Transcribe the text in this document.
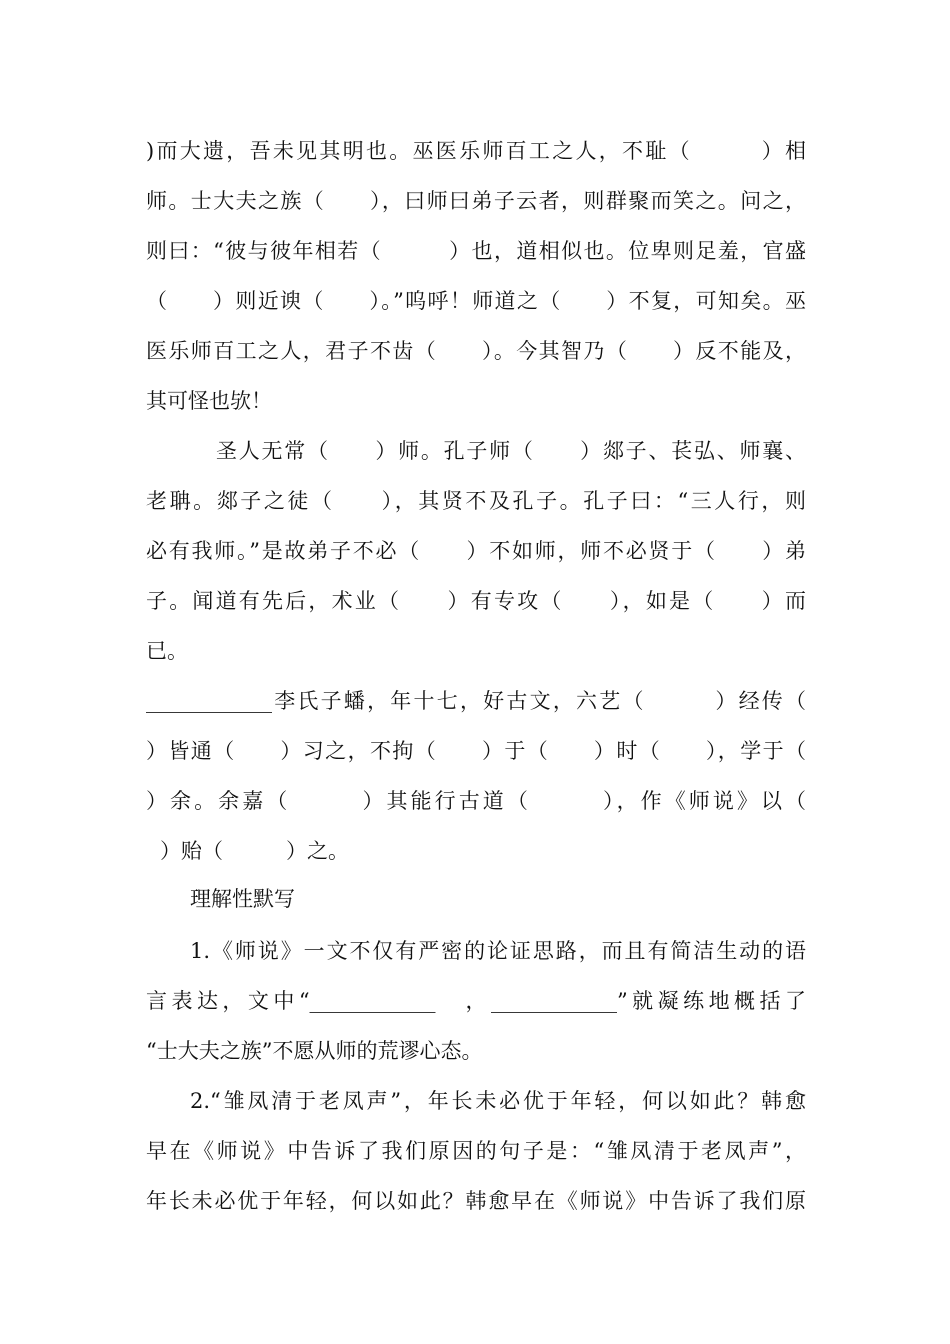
)而大遗，吾未见其明也。巫医乐师百工之人，不耻（　　　）相
师。士大夫之族（　　），曰师曰弟子云者，则群聚而笑之。问之，
则曰：“彼与彼年相若（　　　）也，道相似也。位卑则足羞，官盛
（　　）则近谀（　　）。”呜呼！师道之（　　）不复，可知矣。巫
医乐师百工之人，君子不齿（　　）。今其智乃（　　）反不能及，
其可怪也欤！
圣人无常（　　）师。孔子师（　　）郯子、苌弘、师襄、
老聃。郯子之徒（　　），其贤不及孔子。孔子曰：“三人行，则
必有我师。”是故弟子不必（　　）不如师，师不必贤于（　　）弟
子。闻道有先后，术业（　　）有专攻（　　），如是（　　）而
已。
____________李氏子蟠，年十七，好古文，六艺（　　　）经传（
）皆通（　　）习之，不拘（　　）于（　　）时（　　），学于（
）余。余嘉（　　　）其能行古道（　　　），作《师说》以（
）贻（　　　）之。
理解性默写
1.《师说》一文不仅有严密的论证思路，而且有简洁生动的语
言表达，文中“____________　，____________”就凝练地概括了
“士大夫之族”不愿从师的荒谬心态。
2.“雏凤清于老凤声”，年长未必优于年轻，何以如此？韩愈
早在《师说》中告诉了我们原因的句子是：“雏凤清于老凤声”，
年长未必优于年轻，何以如此？韩愈早在《师说》中告诉了我们原
